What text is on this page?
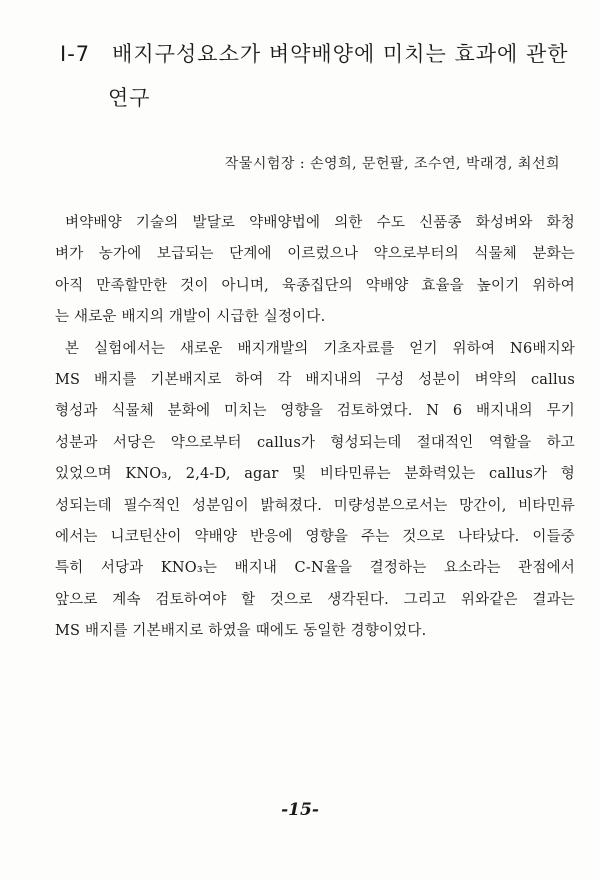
Ⅰ-7 배지구성요소가 벼약배양에 미치는 효과에 관한
연구
작물시험장 : 손영희, 문헌팔, 조수연, 박래경, 최선희
벼약배양 기술의 발달로 약배양법에 의한 수도 신품종 화성벼와 화청
벼가 농가에 보급되는 단계에 이르렀으나 약으로부터의 식물체 분화는
아직 만족할만한 것이 아니며, 육종집단의 약배양 효율을 높이기 위하여
는 새로운 배지의 개발이 시급한 실정이다.
본 실험에서는 새로운 배지개발의 기초자료를 얻기 위하여 N6배지와
MS 배지를 기본배지로 하여 각 배지내의 구성 성분이 벼약의 callus
형성과 식물체 분화에 미치는 영향을 검토하였다. N 6 배지내의 무기
성분과 서당은 약으로부터 callus가 형성되는데 절대적인 역할을 하고
있었으며 KNO₃, 2,4-D, agar 및 비타민류는 분화력있는 callus가 형
성되는데 필수적인 성분임이 밝혀졌다. 미량성분으로서는 망간이, 비타민류
에서는 니코틴산이 약배양 반응에 영향을 주는 것으로 나타났다. 이들중
특히 서당과 KNO₃는 배지내 C-N율을 결정하는 요소라는 관점에서
앞으로 계속 검토하여야 할 것으로 생각된다. 그리고 위와같은 결과는
MS 배지를 기본배지로 하였을 때에도 동일한 경향이었다.
-15-
